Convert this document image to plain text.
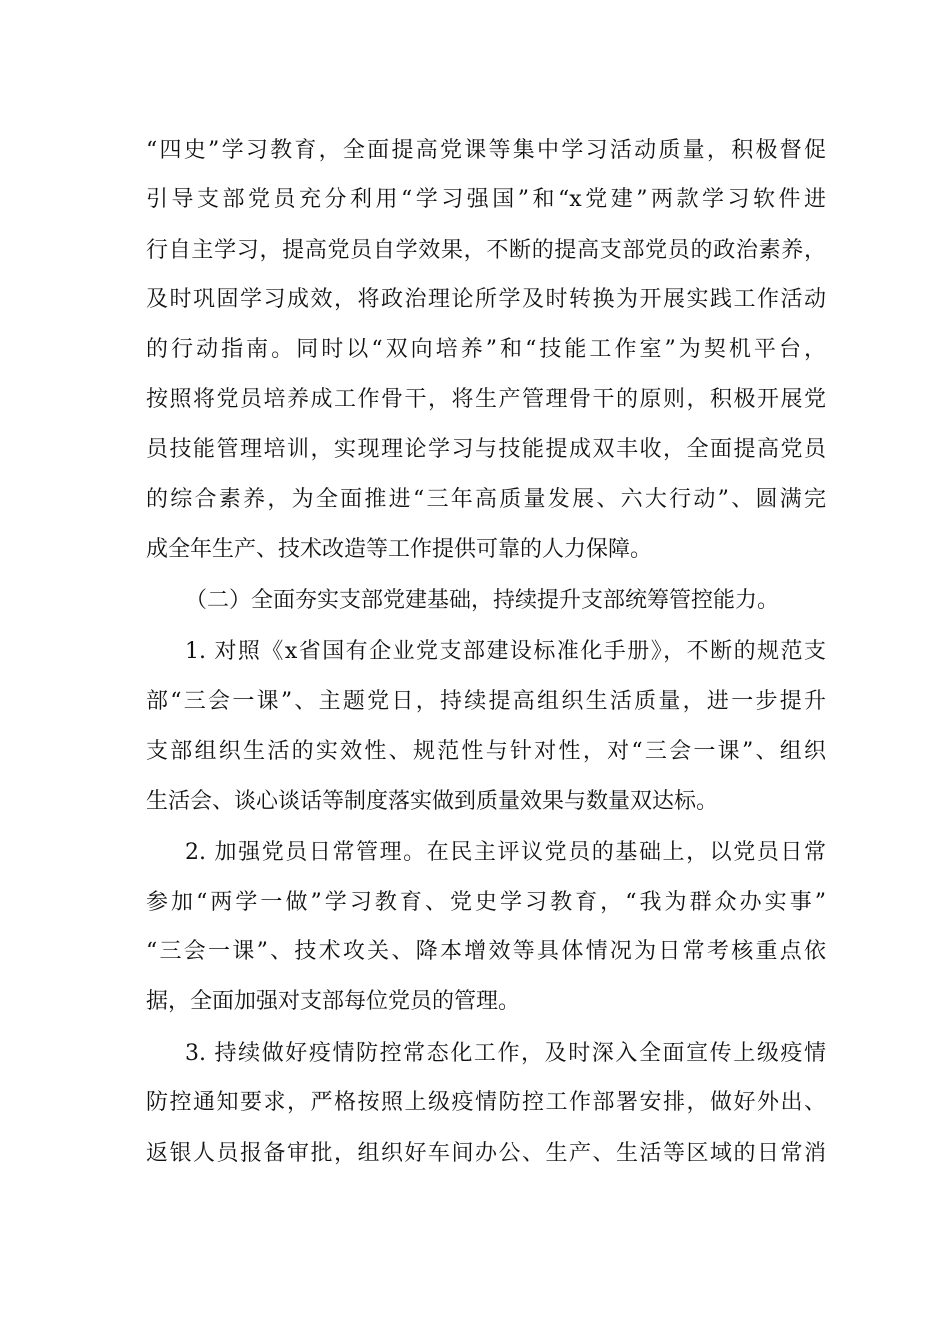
“四史”学习教育，全面提高党课等集中学习活动质量，积极督促
引导支部党员充分利用“学习强国”和“x党建”两款学习软件进
行自主学习，提高党员自学效果，不断的提高支部党员的政治素养，
及时巩固学习成效，将政治理论所学及时转换为开展实践工作活动
的行动指南。同时以“双向培养”和“技能工作室”为契机平台，
按照将党员培养成工作骨干，将生产管理骨干的原则，积极开展党
员技能管理培训，实现理论学习与技能提成双丰收，全面提高党员
的综合素养，为全面推进“三年高质量发展、六大行动”、圆满完
成全年生产、技术改造等工作提供可靠的人力保障。
（二）全面夯实支部党建基础，持续提升支部统筹管控能力。
1. 对照《x省国有企业党支部建设标准化手册》，不断的规范支
部“三会一课”、主题党日，持续提高组织生活质量，进一步提升
支部组织生活的实效性、规范性与针对性，对“三会一课”、组织
生活会、谈心谈话等制度落实做到质量效果与数量双达标。
2. 加强党员日常管理。在民主评议党员的基础上，以党员日常
参加“两学一做”学习教育、党史学习教育，“我为群众办实事”
“三会一课”、技术攻关、降本增效等具体情况为日常考核重点依
据，全面加强对支部每位党员的管理。
3. 持续做好疫情防控常态化工作，及时深入全面宣传上级疫情
防控通知要求，严格按照上级疫情防控工作部署安排，做好外出、
返银人员报备审批，组织好车间办公、生产、生活等区域的日常消
